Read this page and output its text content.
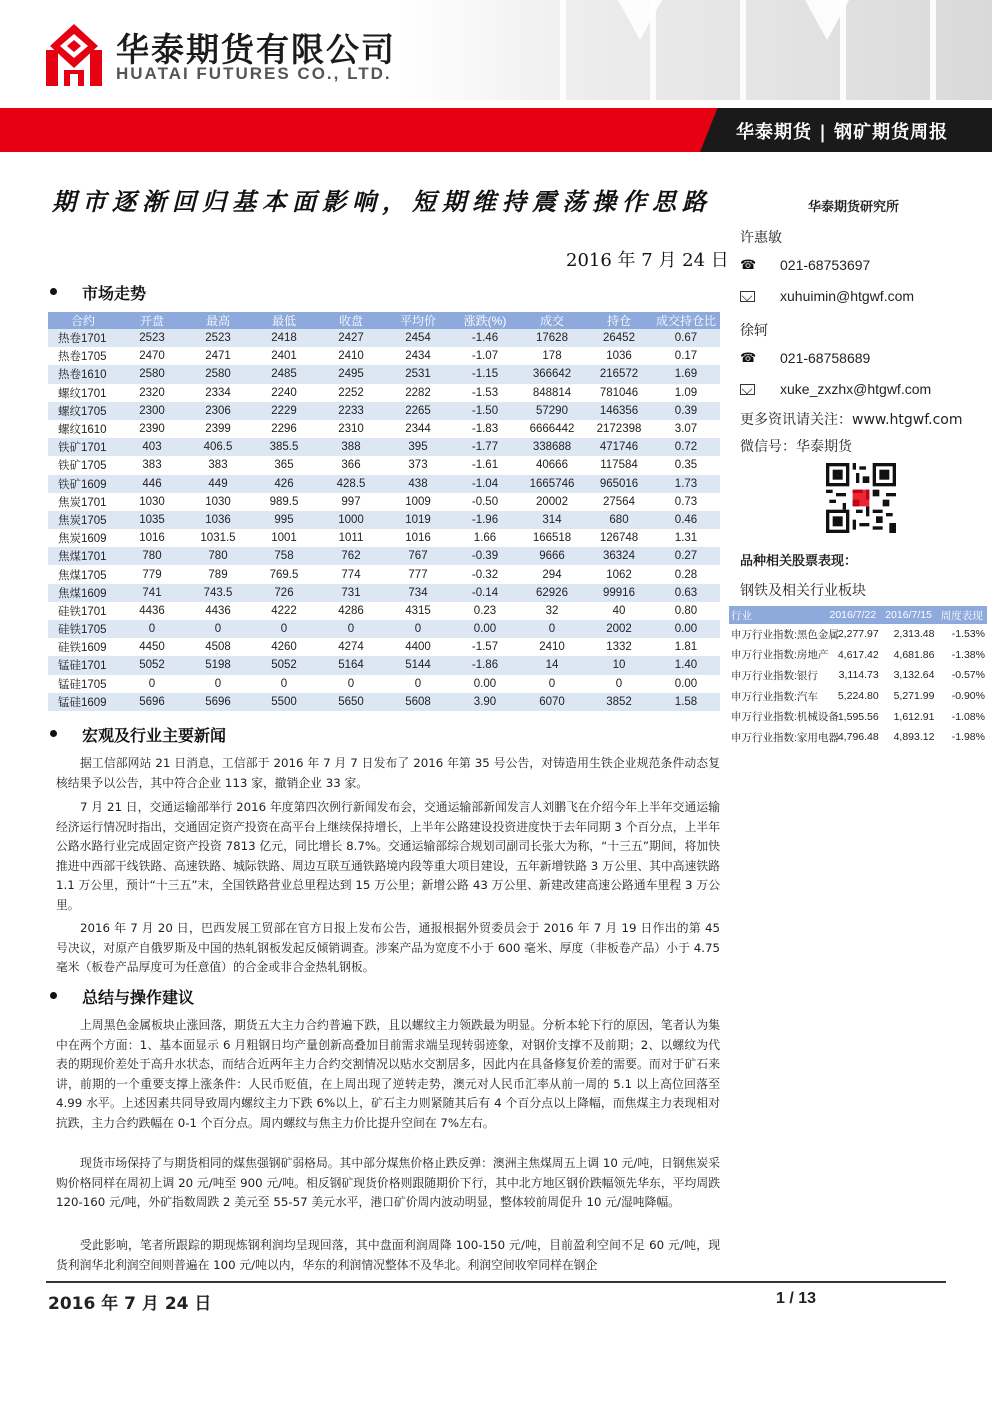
华泰期货有限公司
HUATAI FUTURES CO., LTD.
华泰期货 | 钢矿期货周报
期市逐渐回归基本面影响，短期维持震荡操作思路
2016 年 7 月 24 日
市场走势
合约	开盘	最高	最低	收盘	平均价	涨跌(%)	成交	持仓	成交持仓比
热卷1701	2523	2523	2418	2427	2454	-1.46	17628	26452	0.67
热卷1705	2470	2471	2401	2410	2434	-1.07	178	1036	0.17
热卷1610	2580	2580	2485	2495	2531	-1.15	366642	216572	1.69
螺纹1701	2320	2334	2240	2252	2282	-1.53	848814	781046	1.09
螺纹1705	2300	2306	2229	2233	2265	-1.50	57290	146356	0.39
螺纹1610	2390	2399	2296	2310	2344	-1.83	6666442	2172398	3.07
铁矿1701	403	406.5	385.5	388	395	-1.77	338688	471746	0.72
铁矿1705	383	383	365	366	373	-1.61	40666	117584	0.35
铁矿1609	446	449	426	428.5	438	-1.04	1665746	965016	1.73
焦炭1701	1030	1030	989.5	997	1009	-0.50	20002	27564	0.73
焦炭1705	1035	1036	995	1000	1019	-1.96	314	680	0.46
焦炭1609	1016	1031.5	1001	1011	1016	1.66	166518	126748	1.31
焦煤1701	780	780	758	762	767	-0.39	9666	36324	0.27
焦煤1705	779	789	769.5	774	777	-0.32	294	1062	0.28
焦煤1609	741	743.5	726	731	734	-0.14	62926	99916	0.63
硅铁1701	4436	4436	4222	4286	4315	0.23	32	40	0.80
硅铁1705	0	0	0	0	0	0.00	0	2002	0.00
硅铁1609	4450	4508	4260	4274	4400	-1.57	2410	1332	1.81
锰硅1701	5052	5198	5052	5164	5144	-1.86	14	10	1.40
锰硅1705	0	0	0	0	0	0.00	0	0	0.00
锰硅1609	5696	5696	5500	5650	5608	3.90	6070	3852	1.58
宏观及行业主要新闻

据工信部网站 21 日消息，工信部于 2016 年 7 月 7 日发布了 2016 年第 35 号公告，对铸造用生铁企业规范条件动态复核结果予以公告，其中符合企业 113 家，撤销企业 33 家。

7 月 21 日，交通运输部举行 2016 年度第四次例行新闻发布会，交通运输部新闻发言人刘鹏飞在介绍今年上半年交通运输经济运行情况时指出，交通固定资产投资在高平台上继续保持增长，上半年公路建设投资进度快于去年同期 3 个百分点，上半年公路水路行业完成固定资产投资 7813 亿元，同比增长 8.7%。交通运输部综合规划司副司长张大为称，“十三五”期间，将加快推进中西部干线铁路、高速铁路、城际铁路、周边互联互通铁路境内段等重大项目建设，五年新增铁路 3 万公里、其中高速铁路 1.1 万公里，预计“十三五”末，全国铁路营业总里程达到 15 万公里；新增公路 43 万公里、新建改建高速公路通车里程 3 万公里。

2016 年 7 月 20 日，巴西发展工贸部在官方日报上发布公告，通报根据外贸委员会于 2016 年 7 月 19 日作出的第 45 号决议，对原产自俄罗斯及中国的热轧钢板发起反倾销调查。涉案产品为宽度不小于 600 毫米、厚度（非板卷产品）小于 4.75 毫米（板卷产品厚度可为任意值）的合金或非合金热轧钢板。

总结与操作建议

上周黑色金属板块止涨回落，期货五大主力合约普遍下跌，且以螺纹主力领跌最为明显。分析本轮下行的原因，笔者认为集中在两个方面：1、基本面显示 6 月粗钢日均产量创新高叠加目前需求端呈现转弱迹象，对钢价支撑不及前期；2、以螺纹为代表的期现价差处于高升水状态，而结合近两年主力合约交割情况以贴水交割居多，因此内在具备修复价差的需要。而对于矿石来讲，前期的一个重要支撑上涨条件：人民币贬值，在上周出现了逆转走势，澳元对人民币汇率从前一周的 5.1 以上高位回落至 4.99 水平。上述因素共同导致周内螺纹主力下跌 6%以上，矿石主力则紧随其后有 4 个百分点以上降幅，而焦煤主力表现相对抗跌，主力合约跌幅在 0-1 个百分点。周内螺纹与焦主力价比提升空间在 7%左右。

现货市场保持了与期货相同的煤焦强钢矿弱格局。其中部分煤焦价格止跌反弹：澳洲主焦煤周五上调 10 元/吨，日钢焦炭采购价格同样在周初上调 20 元/吨至 900 元/吨。相反钢矿现货价格则跟随期价下行，其中北方地区钢价跌幅领先华东，平均周跌 120-160 元/吨，外矿指数周跌 2 美元至 55-57 美元水平，港口矿价周内波动明显，整体较前周促升 10 元/湿吨降幅。

受此影响，笔者所跟踪的期现炼钢利润均呈现回落，其中盘面利润周降 100-150 元/吨，目前盈利空间不足 60 元/吨，现货利润华北利润空间则普遍在 100 元/吨以内，华东的利润情况整体不及华北。利润空间收窄同样在钢企

华泰期货研究所
许惠敏
☎ 021-68753697
xuhuimin@htgwf.com
徐轲
☎ 021-68758689
xuke_zxzhx@htgwf.com
更多资讯请关注：www.htgwf.com
微信号：华泰期货
品种相关股票表现：
钢铁及相关行业板块
行业	2016/7/22	2016/7/15	周度表现
申万行业指数:黑色金属	2,277.97	2,313.48	-1.53%
申万行业指数:房地产	4,617.42	4,681.86	-1.38%
申万行业指数:银行	3,114.73	3,132.64	-0.57%
申万行业指数:汽车	5,224.80	5,271.99	-0.90%
申万行业指数:机械设备	1,595.56	1,612.91	-1.08%
申万行业指数:家用电器	4,796.48	4,893.12	-1.98%
2016 年 7 月 24 日	1 / 13
